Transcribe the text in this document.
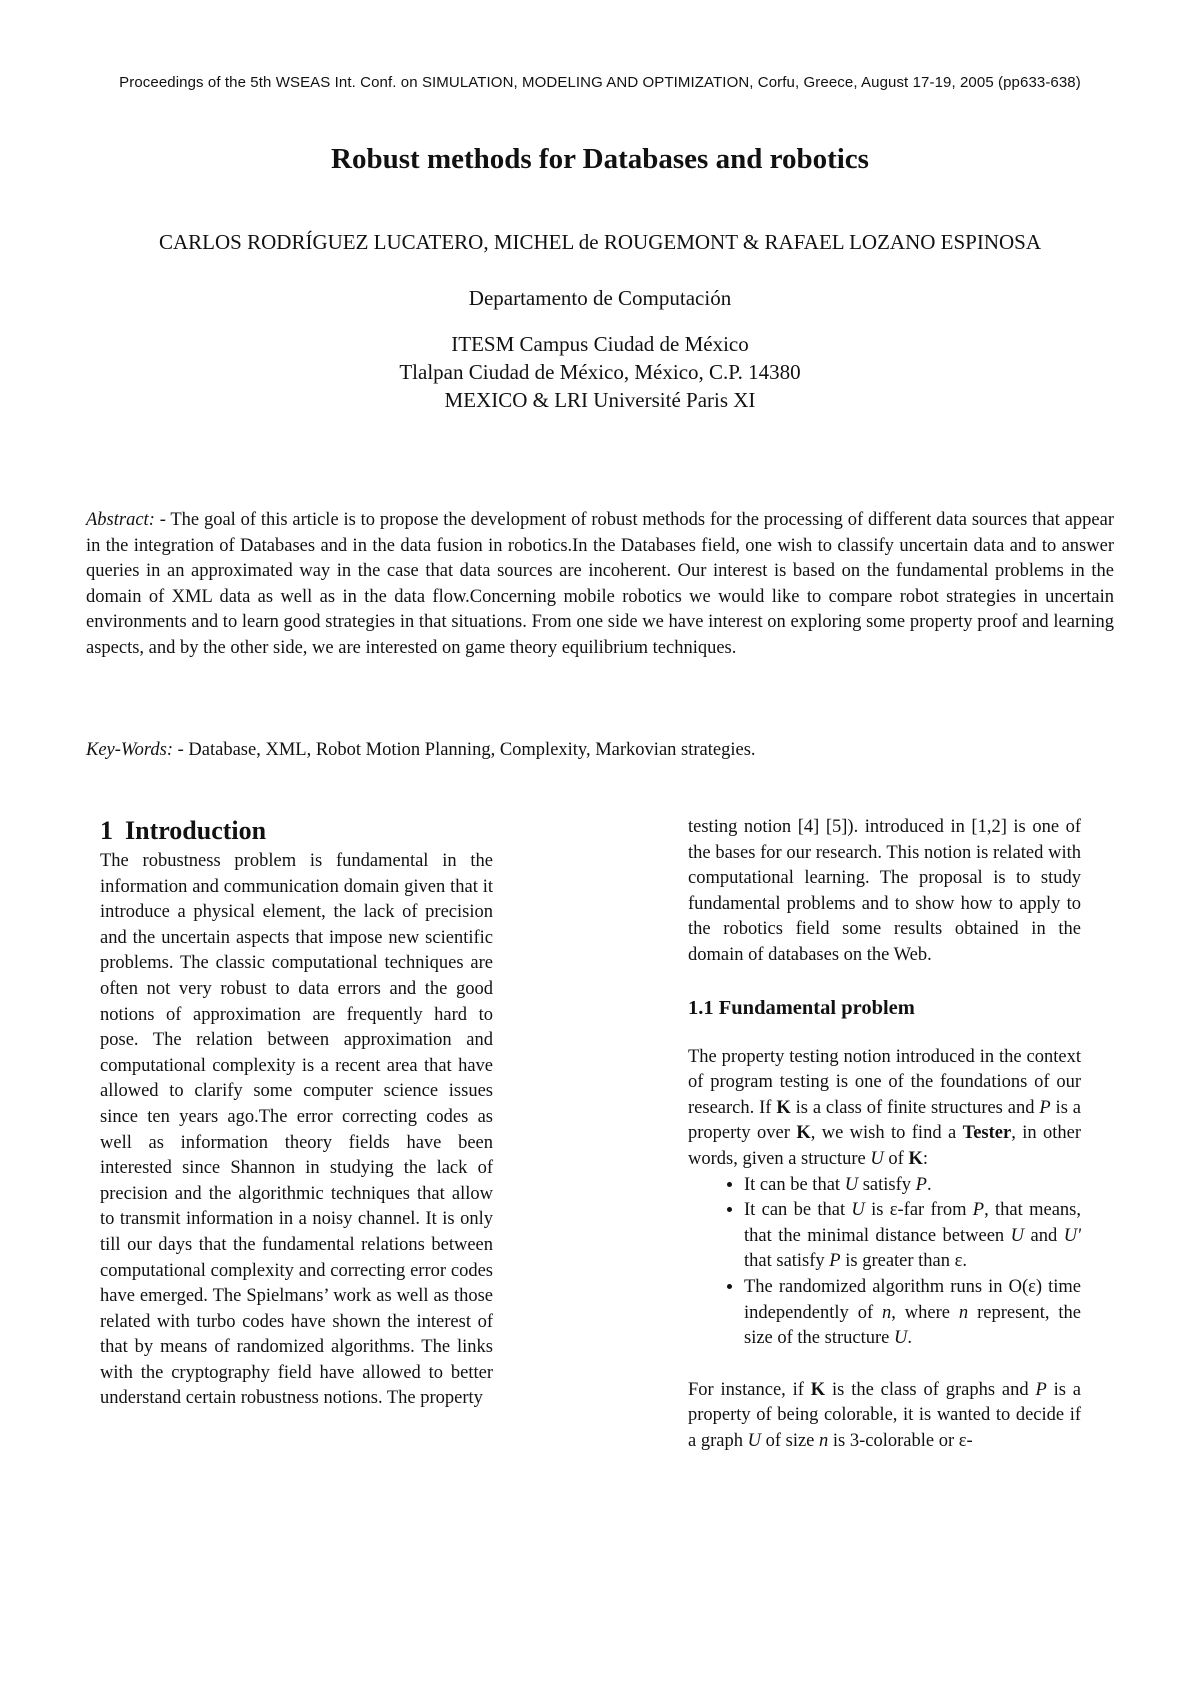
Proceedings of the 5th WSEAS Int. Conf. on SIMULATION, MODELING AND OPTIMIZATION, Corfu, Greece, August 17-19, 2005 (pp633-638)
Robust methods for Databases and robotics
CARLOS RODRÍGUEZ LUCATERO, MICHEL de ROUGEMONT & RAFAEL LOZANO ESPINOSA
Departamento de Computación
ITESM Campus Ciudad de México
Tlalpan Ciudad de México, México, C.P. 14380
MEXICO & LRI Université Paris XI
Abstract: - The goal of this article is to propose the development of robust methods for the processing of different data sources that appear in the integration of Databases and in the data fusion in robotics.In the Databases field, one wish to classify uncertain data and to answer queries in an approximated way in the case that data sources are incoherent. Our interest is based on the fundamental problems in the domain of XML data as well as in the data flow.Concerning mobile robotics we would like to compare robot strategies in uncertain environments and to learn good strategies in that situations. From one side we have interest on exploring some property proof and learning aspects, and by the other side, we are interested on game theory equilibrium techniques.
Key-Words: - Database, XML, Robot Motion Planning, Complexity, Markovian strategies.
1 Introduction

The robustness problem is fundamental in the information and communication domain given that it introduce a physical element, the lack of precision and the uncertain aspects that impose new scientific problems. The classic computational techniques are often not very robust to data errors and the good notions of approximation are frequently hard to pose. The relation between approximation and computational complexity is a recent area that have allowed to clarify some computer science issues since ten years ago.The error correcting codes as well as information theory fields have been interested since Shannon in studying the lack of precision and the algorithmic techniques that allow to transmit information in a noisy channel. It is only till our days that the fundamental relations between computational complexity and correcting error codes have emerged. The Spielmans’ work as well as those related with turbo codes have shown the interest of that by means of randomized algorithms. The links with the cryptography field have allowed to better understand certain robustness notions. The property

testing notion [4] [5]). introduced in [1,2] is one of the bases for our research. This notion is related with computational learning. The proposal is to study fundamental problems and to show how to apply to the robotics field some results obtained in the domain of databases on the Web.

1.1 Fundamental problem

The property testing notion introduced in the context of program testing is one of the foundations of our research. If K is a class of finite structures and P is a property over K, we wish to find a Tester, in other words, given a structure U of K:

• It can be that U satisfy P.
• It can be that U is ε-far from P, that means, that the minimal distance between U and U' that satisfy P is greater than ε.
• The randomized algorithm runs in O(ε) time independently of n, where n represent, the size of the structure U.

For instance, if K is the class of graphs and P is a property of being colorable, it is wanted to decide if a graph U of size n is 3-colorable or ε-
